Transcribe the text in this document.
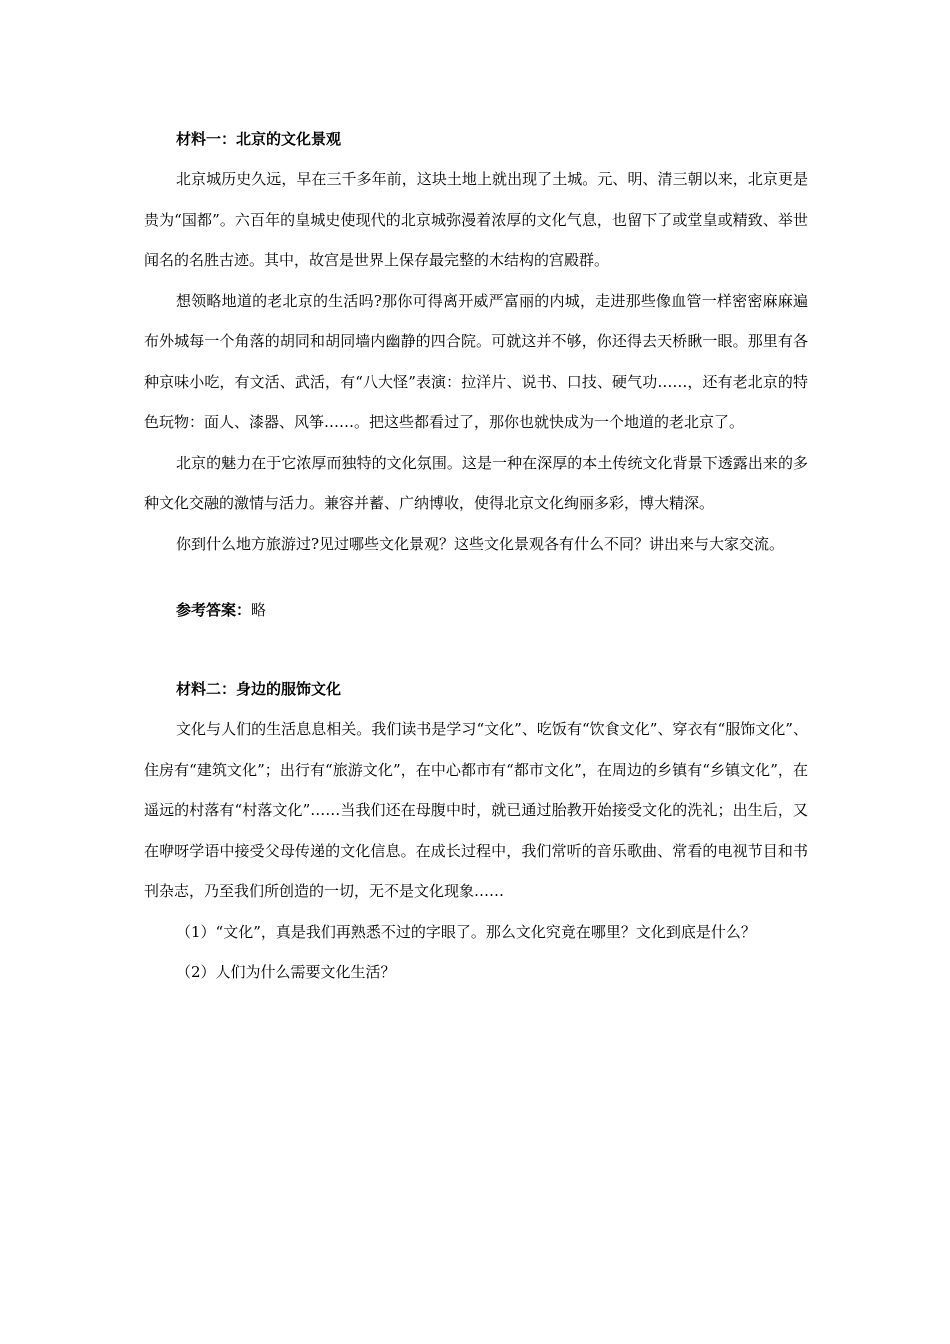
材料一：北京的文化景观

北京城历史久远，早在三千多年前，这块土地上就出现了土城。元、明、清三朝以来，北京更是贵为“国都”。六百年的皇城史使现代的北京城弥漫着浓厚的文化气息，也留下了或堂皇或精致、举世闻名的名胜古迹。其中，故宫是世界上保存最完整的木结构的宫殿群。

想领略地道的老北京的生活吗?那你可得离开威严富丽的内城，走进那些像血管一样密密麻麻遍布外城每一个角落的胡同和胡同墙内幽静的四合院。可就这并不够，你还得去天桥瞅一眼。那里有各种京味小吃，有文活、武活，有“八大怪”表演：拉洋片、说书、口技、硬气功……，还有老北京的特色玩物：面人、漆器、风筝……。把这些都看过了，那你也就快成为一个地道的老北京了。

北京的魅力在于它浓厚而独特的文化氛围。这是一种在深厚的本土传统文化背景下透露出来的多种文化交融的激情与活力。兼容并蓄、广纳博收，使得北京文化绚丽多彩，博大精深。

你到什么地方旅游过?见过哪些文化景观？这些文化景观各有什么不同？讲出来与大家交流。

参考答案：略

材料二：身边的服饰文化

文化与人们的生活息息相关。我们读书是学习“文化”、吃饭有“饮食文化”、穿衣有“服饰文化”、住房有“建筑文化”；出行有“旅游文化”，在中心都市有“都市文化”，在周边的乡镇有“乡镇文化”，在遥远的村落有“村落文化”……当我们还在母腹中时，就已通过胎教开始接受文化的洗礼；出生后，又在咿呀学语中接受父母传递的文化信息。在成长过程中，我们常听的音乐歌曲、常看的电视节目和书刊杂志，乃至我们所创造的一切，无不是文化现象……

（1）“文化”，真是我们再熟悉不过的字眼了。那么文化究竟在哪里？文化到底是什么？

（2）人们为什么需要文化生活？
